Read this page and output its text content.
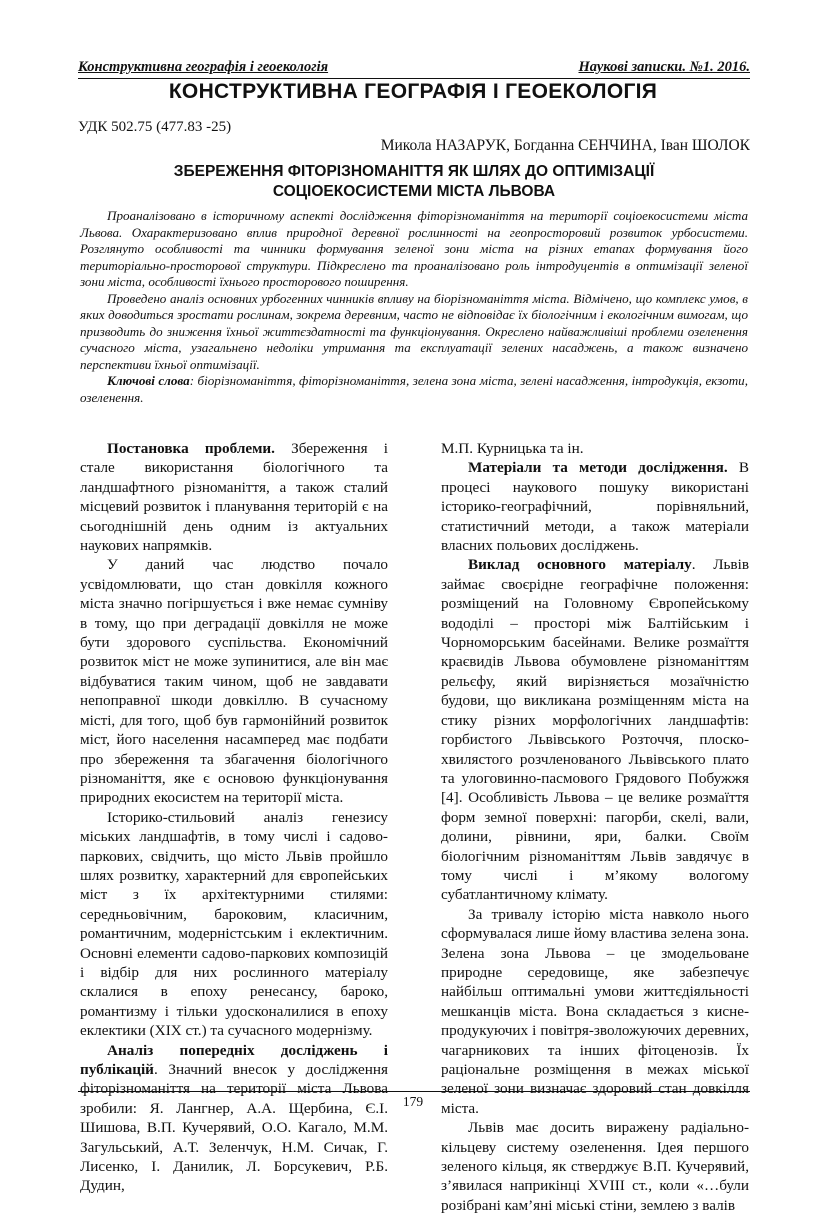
Конструктивна географія і геоекологія	Наукові записки. №1. 2016.
КОНСТРУКТИВНА ГЕОГРАФІЯ І ГЕОЕКОЛОГІЯ
УДК 502.75 (477.83 -25)
Микола НАЗАРУК, Богданна СЕНЧИНА, Іван ШОЛОК
ЗБЕРЕЖЕННЯ ФІТОРІЗНОМАНІТТЯ ЯК ШЛЯХ ДО ОПТИМІЗАЦІЇ
СОЦІОЕКОСИСТЕМИ МІСТА ЛЬВОВА

Проаналізовано в історичному аспекті дослідження фіторізноманіття на території соціоекосистеми міста Львова. Охарактеризовано вплив природної деревної рослинності на геопросторовий розвиток урбосистеми. Розглянуто особливості та чинники формування зеленої зони міста на різних етапах формування його територіально-просторової структури. Підкреслено та проаналізовано роль інтродуцентів в оптимізації зеленої зони міста, особливості їхнього просторового поширення.

Проведено аналіз основних урбогенних чинників впливу на біорізноманіття міста. Відмічено, що комплекс умов, в яких доводиться зростати рослинам, зокрема деревним, часто не відповідає їх біологічним і екологічним вимогам, що призводить до зниження їхньої життєздатності та функціонування. Окреслено найважливіші проблеми озеленення сучасного міста, узагальнено недоліки утримання та експлуатації зелених насаджень, а також визначено перспективи їхньої оптимізації.

Ключові слова: біорізноманіття, фіторізноманіття, зелена зона міста, зелені насадження, інтродукція, екзоти, озеленення.

Постановка проблеми. Збереження і стале використання біологічного та ландшафтного різноманіття, а також сталий місцевий розвиток і планування територій є на сьогоднішній день одним із актуальних наукових напрямків.

У даний час людство почало усвідомлювати, що стан довкілля кожного міста значно погіршується і вже немає сумніву в тому, що при деградації довкілля не може бути здорового суспільства. Економічний розвиток міст не може зупинитися, але він має відбуватися таким чином, щоб не завдавати непоправної шкоди довкіллю. В сучасному місті, для того, щоб був гармонійний розвиток міст, його населення насамперед має подбати про збереження та збагачення біологічного різноманіття, яке є основою функціонування природних екосистем на території міста.

Історико-стильовий аналіз генезису міських ландшафтів, в тому числі і садово-паркових, свідчить, що місто Львів пройшло шлях розвитку, характерний для європейських міст з їх архітектурними стилями: середньовічним, бароковим, класичним, романтичним, модерністським і еклектичним. Основні елементи садово-паркових композицій і відбір для них рослинного матеріалу склалися в епоху ренесансу, бароко, романтизму і тільки удосконалилися в епоху еклектики (XIX ст.) та сучасного модернізму.

Аналіз попередніх досліджень і публікацій. Значний внесок у дослідження фіторізноманіття на території міста Львова зробили: Я. Лангнер, А.А. Щербина, Є.І. Шишова, В.П. Кучерявий, О.О. Кагало, М.М. Загульський, А.Т. Зеленчук, Н.М. Сичак, Г. Лисенко, І. Данилик, Л. Борсукевич, Р.Б. Дудин,

М.П. Курницька та ін.

Матеріали та методи дослідження. В процесі наукового пошуку використані історико-географічний, порівняльний, статистичний методи, а також матеріали власних польових досліджень.

Виклад основного матеріалу. Львів займає своєрідне географічне положення: розміщений на Головному Європейському вододілі – просторі між Балтійським і Чорноморським басейнами. Велике розмаїття краєвидів Львова обумовлене різноманіттям рельєфу, який вирізняється мозаїчністю будови, що викликана розміщенням міста на стику різних морфологічних ландшафтів: горбистого Львівського Розточчя, плоско-хвилястого розчленованого Львівського плато та улоговинно-пасмового Грядового Побужжя [4]. Особливість Львова – це велике розмаїття форм земної поверхні: пагорби, скелі, вали, долини, рівнини, яри, балки. Своїм біологічним різноманіттям Львів завдячує в тому числі і м’якому вологому субатлантичному клімату.

За тривалу історію міста навколо нього сформувалася лише йому властива зелена зона. Зелена зона Львова – це змодельоване природне середовище, яке забезпечує найбільш оптимальні умови життєдіяльності мешканців міста. Вона складається з кисне-продукуючих і повітря-зволожуючих деревних, чагарникових та інших фітоценозів. Їх раціональне розміщення в межах міської зеленої зони визначає здоровий стан довкілля міста.

Львів має досить виражену радіально-кільцеву систему озеленення. Ідея першого зеленого кільця, як стверджує В.П. Кучерявий, з’явилася наприкінці XVIII ст., коли «…були розібрані кам’яні міські стіни, землею з валів

179
